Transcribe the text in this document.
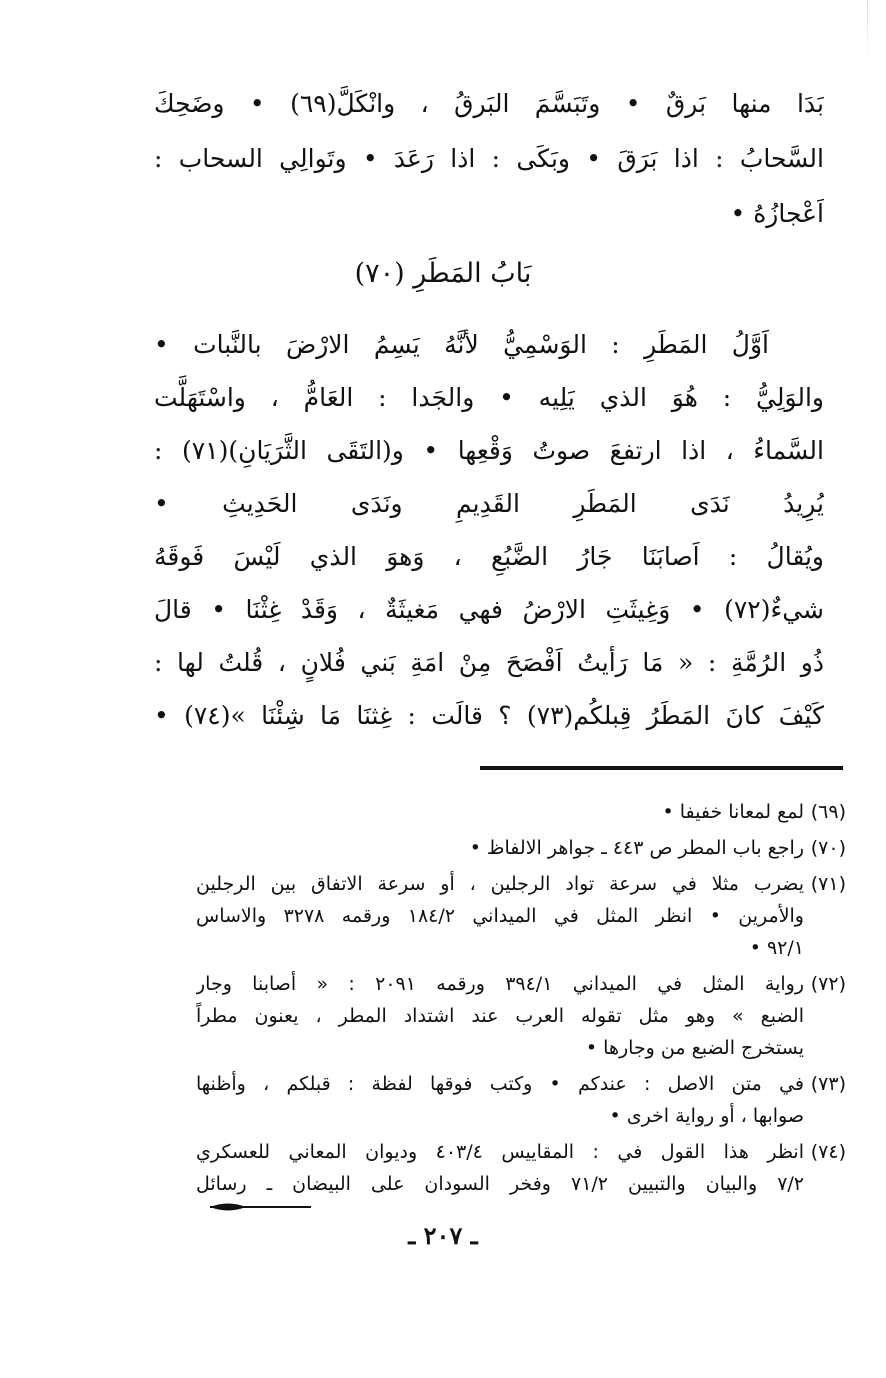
بَدَا منها بَرقٌ • وتَبَسَّمَ البَرقُ ، وانْكَلَّ(٦٩) • وضَحِكَ
السَّحابُ : اذا بَرَقَ • وبَكَى : اذا رَعَدَ • وتَوالِي السحاب :
اَعْجازُهُ •
بَابُ المَطَرِ (٧٠)
اَوَّلُ المَطَرِ : الوَسْمِيُّ لأنَّهُ يَسِمُ الارْضَ بالنَّبات •
والوَلِيُّ : هُوَ الذي يَلِيه • والجَدا : العَامُّ ، واسْتَهَلَّت
السَّماءُ ، اذا ارتفعَ صوتُ وَقْعِها • و(التَقَى الثَّرَيَانِ)(٧١) :
يُرِيدُ نَدَى المَطَرِ القَدِيمِ ونَدَى الحَدِيثِ •
ويُقالُ : اَصابَنَا جَارُ الضَّبُعِ ، وَهوَ الذي لَيْسَ فَوقَهُ
شيءٌ(٧٢) • وَغِيثَتِ الارْضُ فهي مَغيثَةٌ ، وَقَدْ غِثْنَا • قالَ
ذُو الرُمَّةِ : « مَا رَأيتُ اَفْصَحَ مِنْ امَةِ بَني فُلانٍ ، قُلتُ لها :
كَيْفَ كانَ المَطَرُ قِبلكُم(٧٣) ؟ قالَت : غِثنَا مَا شِئْنَا »(٧٤) •
(٦٩)
لمع لمعانا خفيفا •
(٧٠)
راجع باب المطر ص ٤٤٣ ـ جواهر الالفاظ •
(٧١)
يضرب مثلا في سرعة تواد الرجلين ، أو سرعة الاتفاق بين الرجلين
والأمرين • انظر المثل في الميداني ١٨٤/٢ ورقمه ٣٢٧٨ والاساس
٩٢/١ •
(٧٢)
رواية المثل في الميداني ٣٩٤/١ ورقمه ٢٠٩١ : « أصابنا وجار
الضبع » وهو مثل تقوله العرب عند اشتداد المطر ، يعنون مطراً
يستخرج الضبع من وجارها •
(٧٣)
في متن الاصل : عندكم • وكتب فوقها لفظة : قبلكم ، وأظنها
صوابها ، أو رواية اخرى •
(٧٤)
انظر هذا القول في : المقاييس ٤٠٣/٤ وديوان المعاني للعسكري
٧/٢ والبيان والتبيين ٧١/٢ وفخر السودان على البيضان ـ رسائل
ـ ٢٠٧ ـ
